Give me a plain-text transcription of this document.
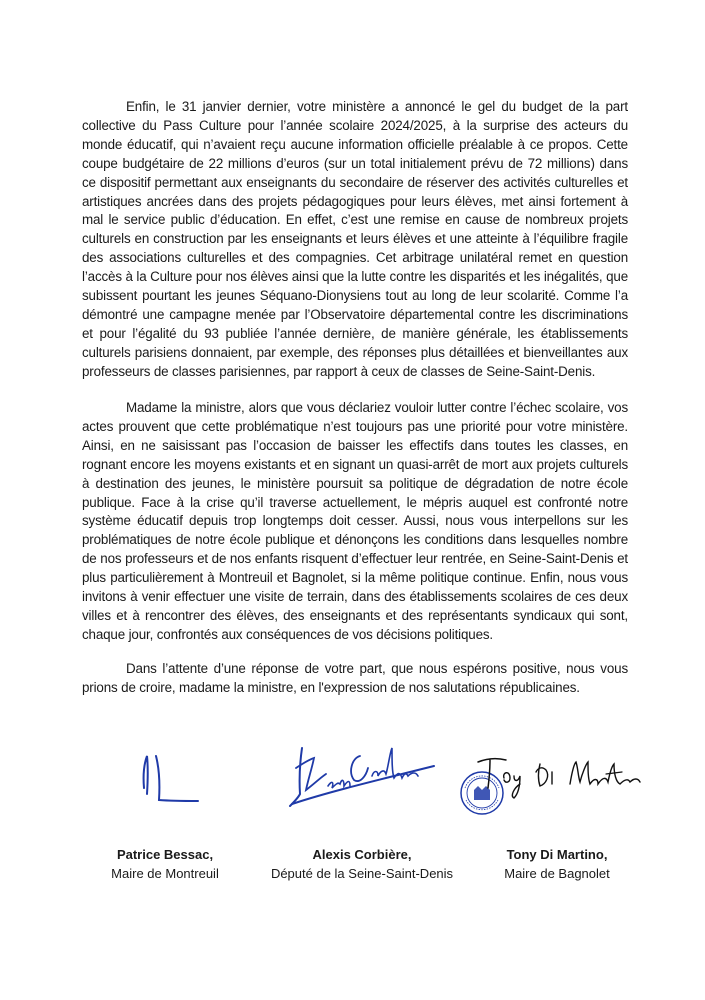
Enfin, le 31 janvier dernier, votre ministère a annoncé le gel du budget de la part collective du Pass Culture pour l’année scolaire 2024/2025, à la surprise des acteurs du monde éducatif, qui n’avaient reçu aucune information officielle préalable à ce propos. Cette coupe budgétaire de 22 millions d’euros (sur un total initialement prévu de 72 millions) dans ce dispositif permettant aux enseignants du secondaire de réserver des activités culturelles et artistiques ancrées dans des projets pédagogiques pour leurs élèves, met ainsi fortement à mal le service public d’éducation. En effet, c’est une remise en cause de nombreux projets culturels en construction par les enseignants et leurs élèves et une atteinte à l’équilibre fragile des associations culturelles et des compagnies. Cet arbitrage unilatéral remet en question l’accès à la Culture pour nos élèves ainsi que la lutte contre les disparités et les inégalités, que subissent pourtant les jeunes Séquano-Dionysiens tout au long de leur scolarité. Comme l’a démontré une campagne menée par l’Observatoire départemental contre les discriminations et pour l’égalité du 93 publiée l’année dernière, de manière générale, les établissements culturels parisiens donnaient, par exemple, des réponses plus détaillées et bienveillantes aux professeurs de classes parisiennes, par rapport à ceux de classes de Seine-Saint-Denis.

Madame la ministre, alors que vous déclariez vouloir lutter contre l’échec scolaire, vos actes prouvent que cette problématique n’est toujours pas une priorité pour votre ministère. Ainsi, en ne saisissant pas l’occasion de baisser les effectifs dans toutes les classes, en rognant encore les moyens existants et en signant un quasi-arrêt de mort aux projets culturels à destination des jeunes, le ministère poursuit sa politique de dégradation de notre école publique. Face à la crise qu’il traverse actuellement, le mépris auquel est confronté notre système éducatif depuis trop longtemps doit cesser. Aussi, nous vous interpellons sur les problématiques de notre école publique et dénonçons les conditions dans lesquelles nombre de nos professeurs et de nos enfants risquent d’effectuer leur rentrée, en Seine-Saint-Denis et plus particulièrement à Montreuil et Bagnolet, si la même politique continue. Enfin, nous vous invitons à venir effectuer une visite de terrain, dans des établissements scolaires de ces deux villes et à rencontrer des élèves, des enseignants et des représentants syndicaux qui sont, chaque jour, confrontés aux conséquences de vos décisions politiques.

Dans l’attente d’une réponse de votre part, que nous espérons positive, nous vous prions de croire, madame la ministre, en l'expression de nos salutations républicaines.

Patrice Bessac,
Maire de Montreuil
Alexis Corbière,
Député de la Seine-Saint-Denis
Tony Di Martino,
Maire de Bagnolet
